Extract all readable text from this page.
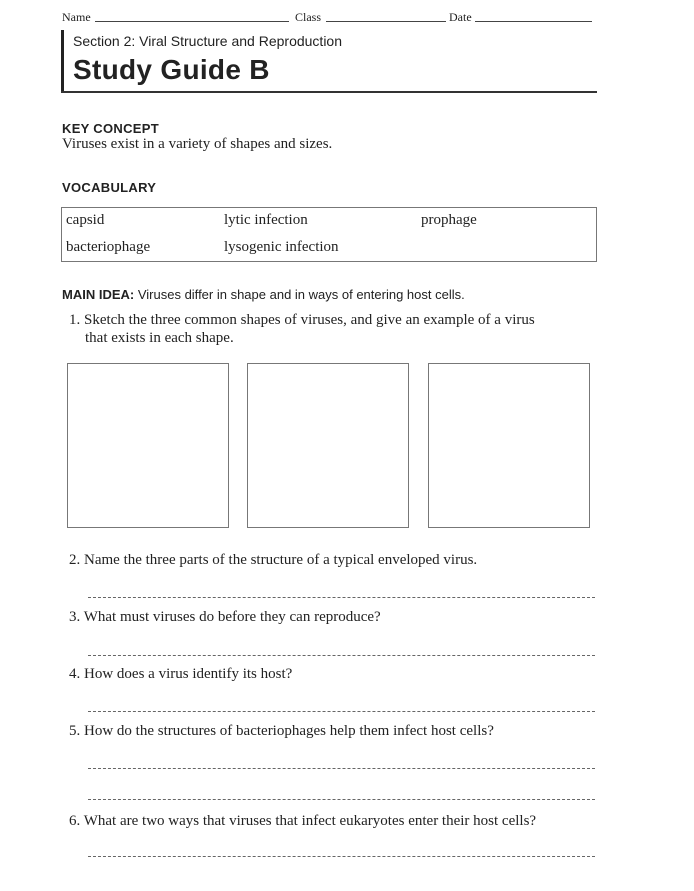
Name	Class	Date
Section 2: Viral Structure and Reproduction
Study Guide B
KEY CONCEPT
Viruses exist in a variety of shapes and sizes.
VOCABULARY
capsid	lytic infection	prophage
bacteriophage	lysogenic infection
MAIN IDEA: Viruses differ in shape and in ways of entering host cells.
1. Sketch the three common shapes of viruses, and give an example of a virus
that exists in each shape.
2. Name the three parts of the structure of a typical enveloped virus.
3. What must viruses do before they can reproduce?
4. How does a virus identify its host?
5. How do the structures of bacteriophages help them infect host cells?
6. What are two ways that viruses that infect eukaryotes enter their host cells?
